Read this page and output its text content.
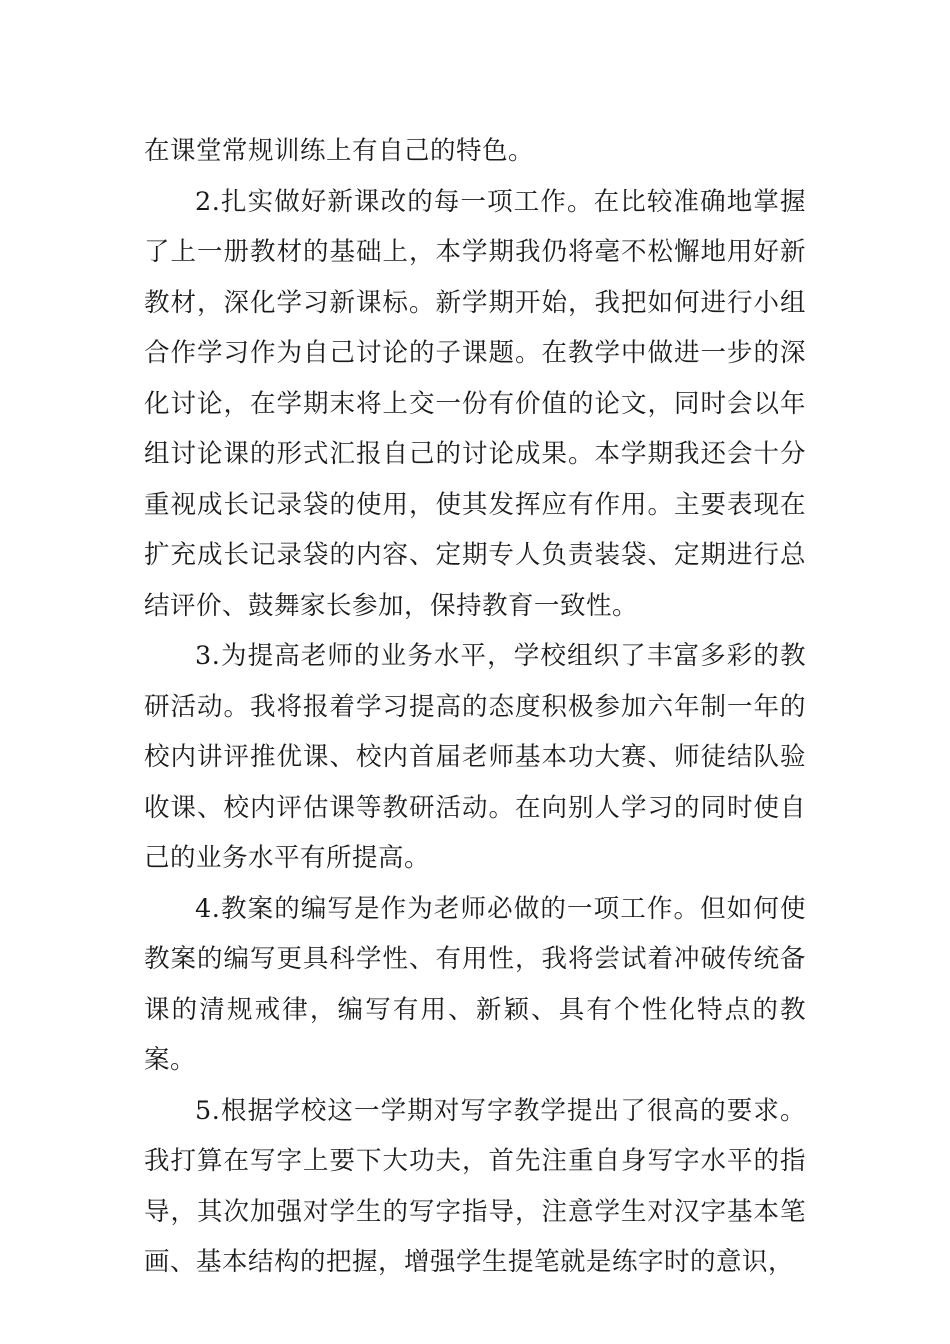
在课堂常规训练上有自己的特色。

2.扎实做好新课改的每一项工作。在比较准确地掌握了上一册教材的基础上，本学期我仍将毫不松懈地用好新教材，深化学习新课标。新学期开始，我把如何进行小组合作学习作为自己讨论的子课题。在教学中做进一步的深化讨论，在学期末将上交一份有价值的论文，同时会以年组讨论课的形式汇报自己的讨论成果。本学期我还会十分重视成长记录袋的使用，使其发挥应有作用。主要表现在扩充成长记录袋的内容、定期专人负责装袋、定期进行总结评价、鼓舞家长参加，保持教育一致性。

3.为提高老师的业务水平，学校组织了丰富多彩的教研活动。我将报着学习提高的态度积极参加六年制一年的校内讲评推优课、校内首届老师基本功大赛、师徒结队验收课、校内评估课等教研活动。在向别人学习的同时使自己的业务水平有所提高。

4.教案的编写是作为老师必做的一项工作。但如何使教案的编写更具科学性、有用性，我将尝试着冲破传统备课的清规戒律，编写有用、新颖、具有个性化特点的教案。

5.根据学校这一学期对写字教学提出了很高的要求。我打算在写字上要下大功夫，首先注重自身写字水平的指导，其次加强对学生的写字指导，注意学生对汉字基本笔画、基本结构的把握，增强学生提笔就是练字时的意识，
